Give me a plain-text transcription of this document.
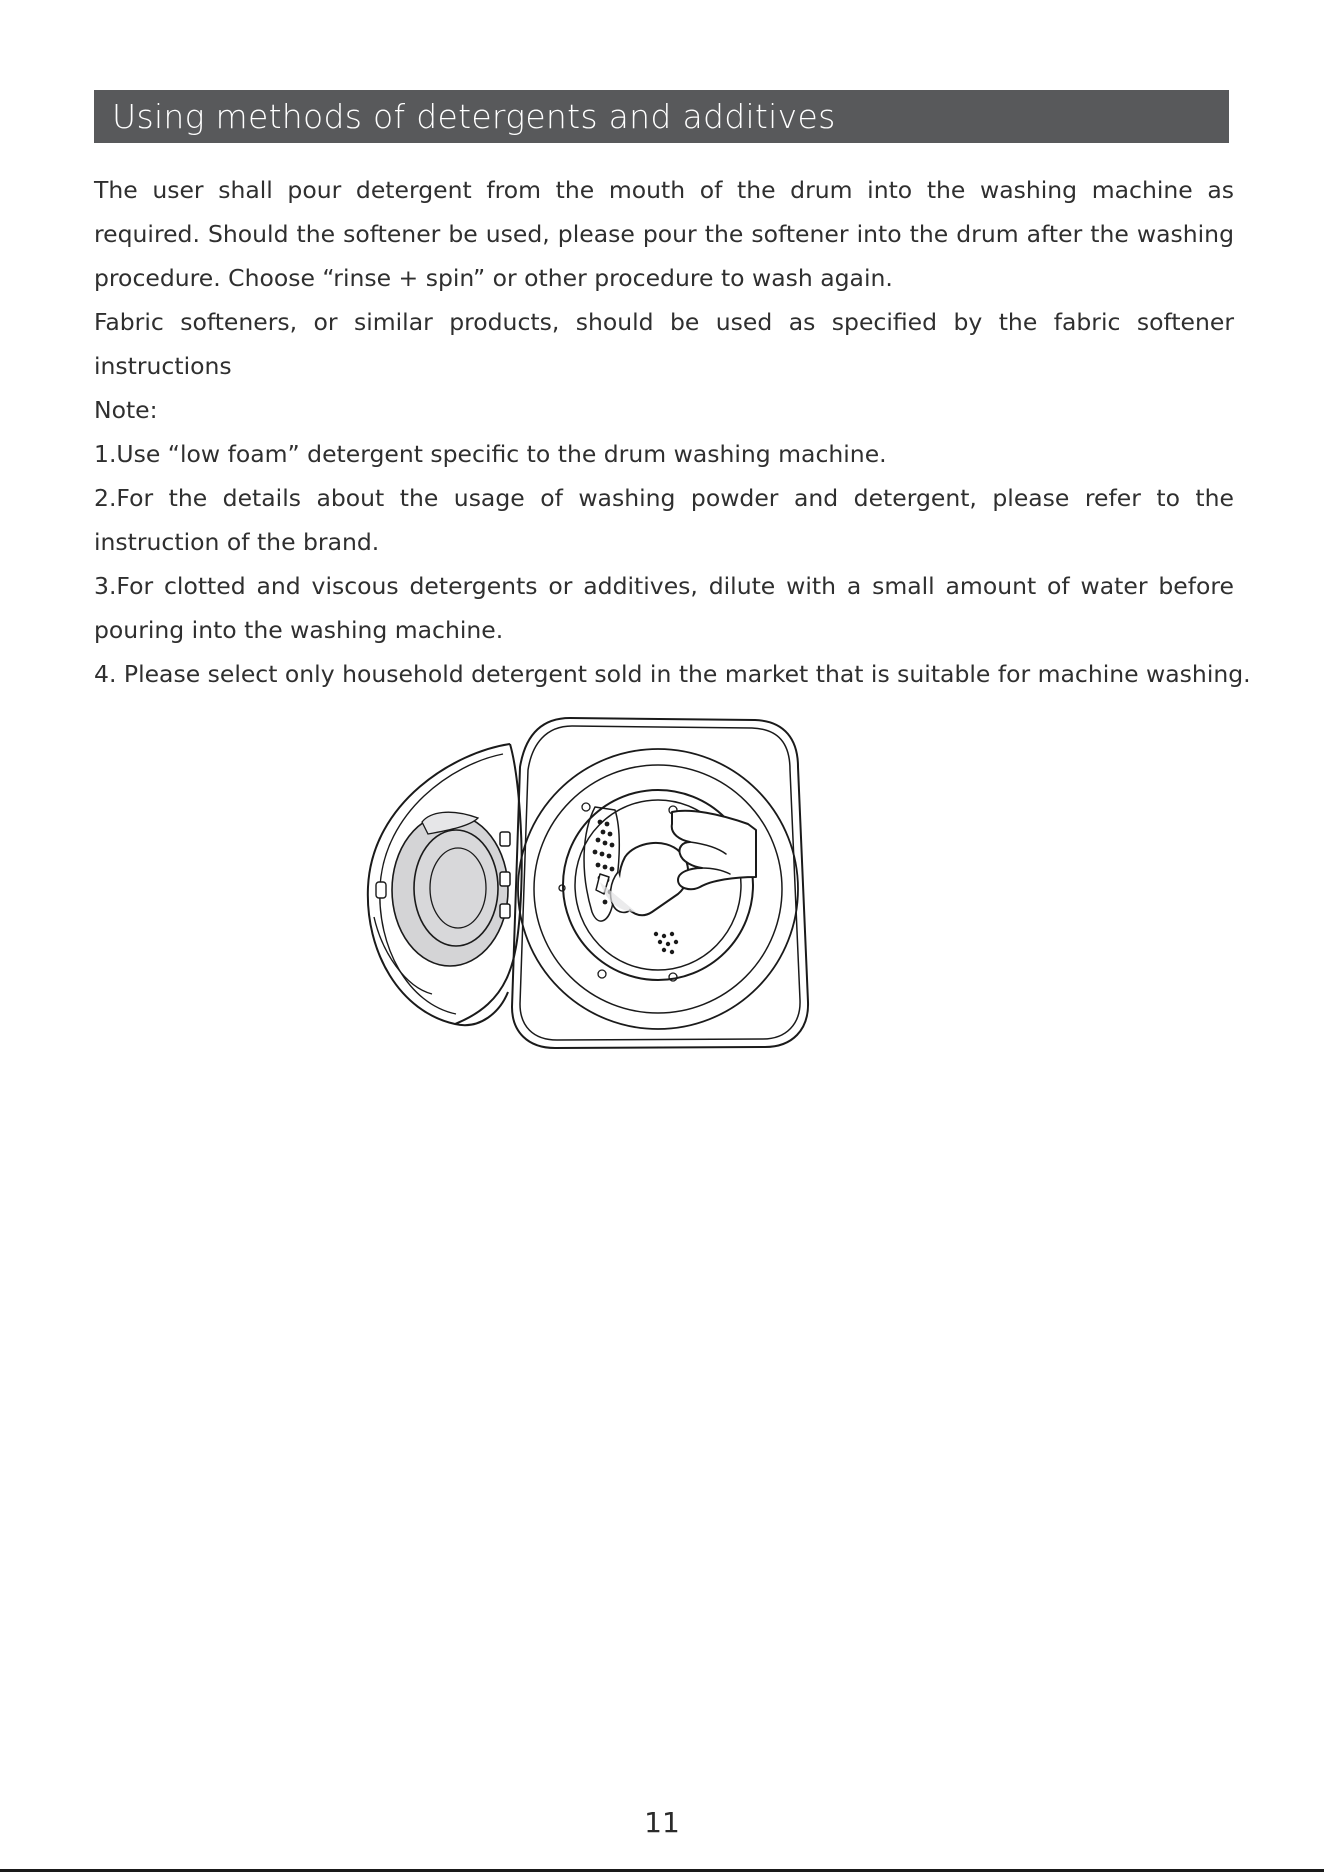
Using methods of detergents and additives

The user shall pour detergent from the mouth of the drum into the washing machine as required. Should the softener be used, please pour the softener into the drum after the washing procedure. Choose “rinse + spin” or other procedure to wash again.

Fabric softeners, or similar products, should be used as specified by the fabric softener instructions

Note:

1.Use “low foam” detergent specific to the drum washing machine.

2.For the details about the usage of washing powder and detergent, please refer to the instruction of the brand.

3.For clotted and viscous detergents or additives, dilute with a small amount of water before pouring into the washing machine.

4. Please select only household detergent sold in the market that is suitable for machine washing.

11
